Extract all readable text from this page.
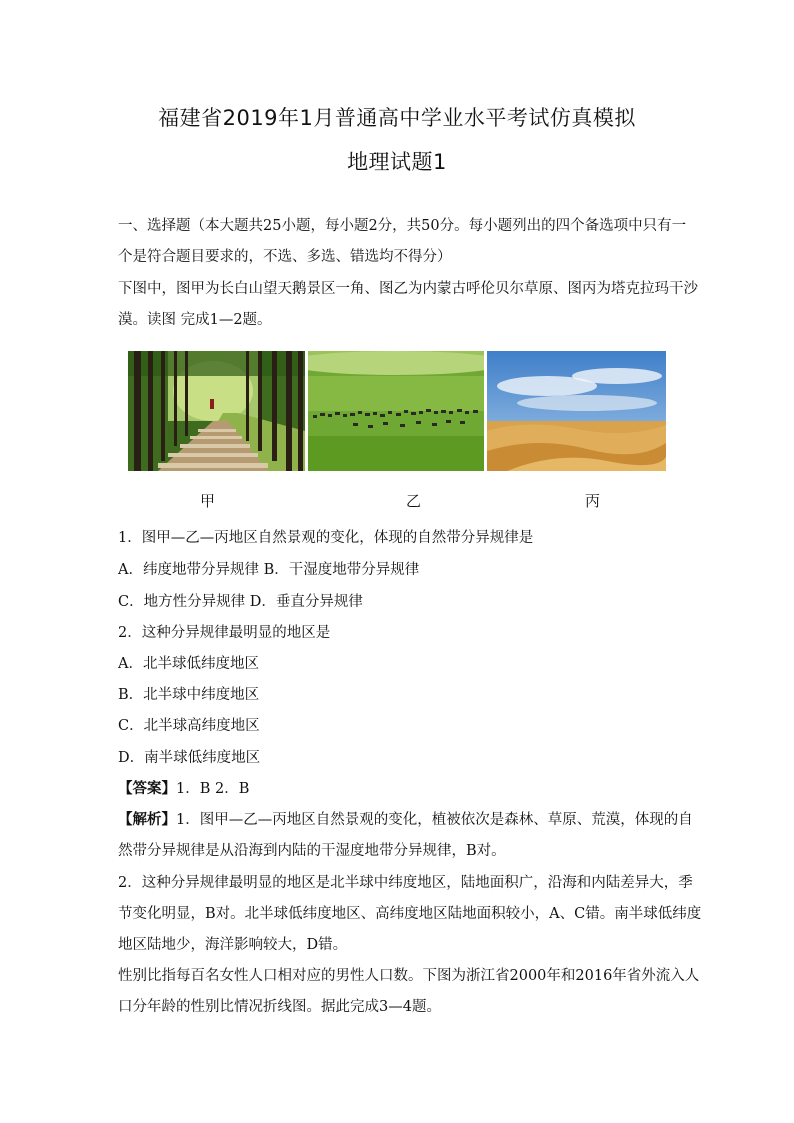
福建省2019年1月普通高中学业水平考试仿真模拟
地理试题1
一、选择题（本大题共25小题，每小题2分，共50分。每小题列出的四个备选项中只有一
个是符合题目要求的，不选、多选、错选均不得分）
下图中，图甲为长白山望天鹅景区一角、图乙为内蒙古呼伦贝尔草原、图丙为塔克拉玛干沙
漠。读图 完成1—2题。
甲	乙	丙
1．图甲—乙—丙地区自然景观的变化，体现的自然带分异规律是
A．纬度地带分异规律 B．干湿度地带分异规律
C．地方性分异规律 D．垂直分异规律
2．这种分异规律最明显的地区是
A．北半球低纬度地区
B．北半球中纬度地区
C．北半球高纬度地区
D．南半球低纬度地区
【答案】1．B 2．B
【解析】1．图甲—乙—丙地区自然景观的变化，植被依次是森林、草原、荒漠，体现的自
然带分异规律是从沿海到内陆的干湿度地带分异规律，B对。
2．这种分异规律最明显的地区是北半球中纬度地区，陆地面积广，沿海和内陆差异大，季
节变化明显，B对。北半球低纬度地区、高纬度地区陆地面积较小，A、C错。南半球低纬度
地区陆地少，海洋影响较大，D错。
性别比指每百名女性人口相对应的男性人口数。下图为浙江省2000年和2016年省外流入人
口分年龄的性别比情况折线图。据此完成3—4题。
